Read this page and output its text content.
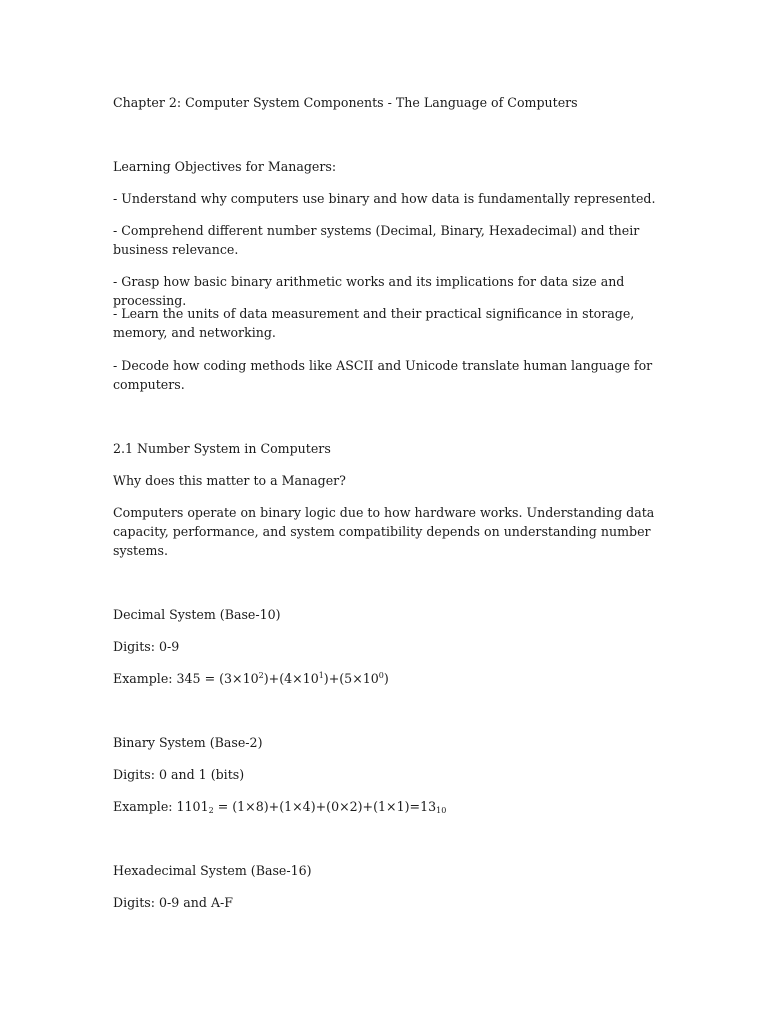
Chapter 2: Computer System Components - The Language of Computers

Learning Objectives for Managers:

- Understand why computers use binary and how data is fundamentally represented.

- Comprehend different number systems (Decimal, Binary, Hexadecimal) and their business relevance.

- Grasp how basic binary arithmetic works and its implications for data size and processing.

- Learn the units of data measurement and their practical significance in storage, memory, and networking.

- Decode how coding methods like ASCII and Unicode translate human language for computers.

2.1 Number System in Computers

Why does this matter to a Manager?

Computers operate on binary logic due to how hardware works. Understanding data capacity, performance, and system compatibility depends on understanding number systems.

Decimal System (Base-10)

Digits: 0-9

Example: $345 = (3\times 10^2)+(4\times 10^1)+(5\times 10^0)$

Binary System (Base-2)

Digits: 0 and 1 (bits)

Example: $1101_2 = (1\times 8)+(1\times 4)+(0\times 2)+(1\times 1)=13_{10}$

Hexadecimal System (Base-16)

Digits: 0-9 and A-F
